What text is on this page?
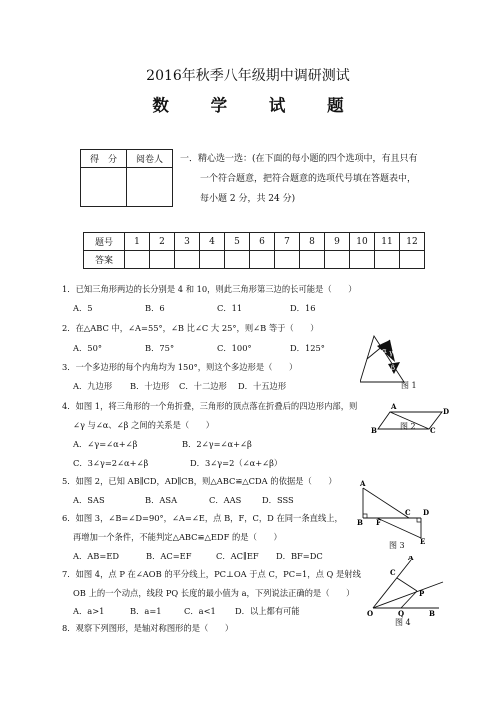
2016年秋季八年级期中调研测试
数 学 试 题
得　分	阅卷人
	一．精心选一选：(在下面的每小题的四个选项中，有且只有
一个符合题意，把符合题意的选项代号填在答题表中，
每小题 2 分，共 24 分)
题号	1	2	3	4	5	6	7	8	9	10	11	12
答案												
1．已知三角形两边的长分别是 4 和 10，则此三角形第三边的长可能是（　　）
A．5	B．6	C．11	D．16
2．在△ABC 中，∠A=55°，∠B 比∠C 大 25°，则∠B 等于（　　）
A．50°	B．75°	C．100°	D．125°
3．一个多边形的每个内角均为 150°，则这个多边形是（　　）
A．九边形 B．十边形 C．十二边形 D．十五边形
4．如图 1，将三角形的一个角折叠，三角形的顶点落在折叠后的四边形内部，则
∠γ 与∠α、∠β 之间的关系是（　　）
A．∠γ=∠α+∠β	B．2∠γ=∠α+∠β
C．3∠γ=2∠α+∠β	D．3∠γ=2（∠α+∠β）
5．如图 2，已知 AB∥CD，AD∥CB，则△ABC≌△CDA 的依据是（　　）
A．SAS	B．ASA	C．AAS D．SSS
6．如图 3，∠B=∠D=90°，∠A=∠E，点 B，F，C，D 在同一条直线上，
再增加一个条件，不能判定△ABC≌△EDF 的是（　　）
A．AB=ED	B．AC=EF	C．AC∥EF D．BF=DC
7．如图 4，点 P 在∠AOB 的平分线上，PC⊥OA 于点 C，PC=1，点 Q 是射线
OB 上的一个动点，线段 PQ 长度的最小值为 a，下列说法正确的是（　　）
A．a>1	B．a=1	C．a<1 D．以上都有可能
8．观察下列图形，是轴对称图形的是（　　）
α γ
β
图 1
A
D
B	C
图 2
A
B F
C D
E
图 3
A
C
P
O	Q	B
图 4
